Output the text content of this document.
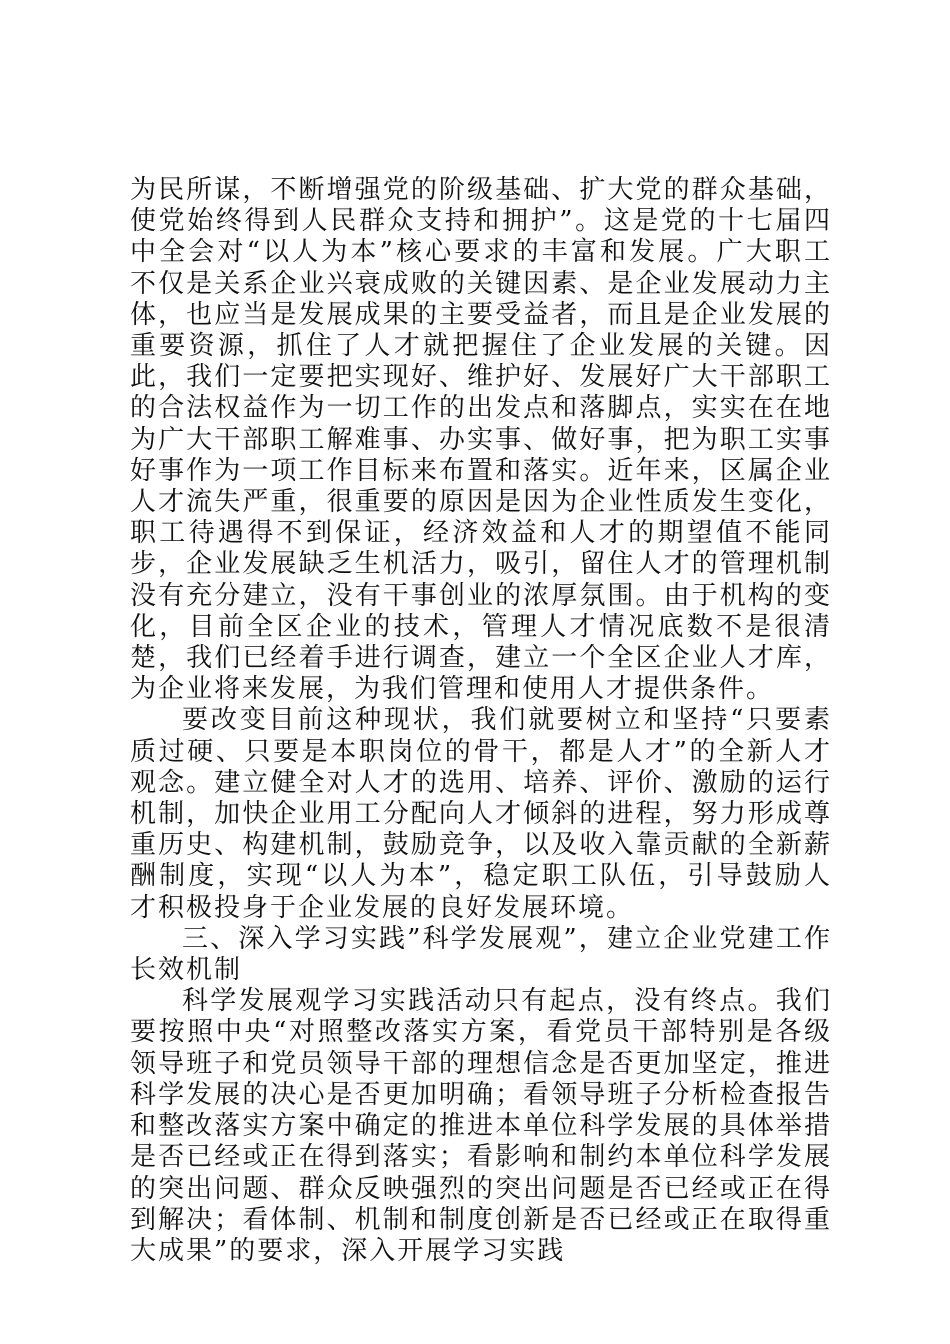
为民所谋，不断增强党的阶级基础、扩大党的群众基础，使党始终得到人民群众支持和拥护”。这是党的十七届四中全会对“以人为本”核心要求的丰富和发展。广大职工不仅是关系企业兴衰成败的关键因素、是企业发展动力主体，也应当是发展成果的主要受益者，而且是企业发展的重要资源，抓住了人才就把握住了企业发展的关键。因此，我们一定要把实现好、维护好、发展好广大干部职工的合法权益作为一切工作的出发点和落脚点，实实在在地为广大干部职工解难事、办实事、做好事，把为职工实事好事作为一项工作目标来布置和落实。近年来，区属企业人才流失严重，很重要的原因是因为企业性质发生变化，职工待遇得不到保证，经济效益和人才的期望值不能同步，企业发展缺乏生机活力，吸引，留住人才的管理机制没有充分建立，没有干事创业的浓厚氛围。由于机构的变化，目前全区企业的技术，管理人才情况底数不是很清楚，我们已经着手进行调查，建立一个全区企业人才库，为企业将来发展，为我们管理和使用人才提供条件。

要改变目前这种现状，我们就要树立和坚持“只要素质过硬、只要是本职岗位的骨干，都是人才”的全新人才观念。建立健全对人才的选用、培养、评价、激励的运行机制，加快企业用工分配向人才倾斜的进程，努力形成尊重历史、构建机制，鼓励竞争，以及收入靠贡献的全新薪酬制度，实现“以人为本”，稳定职工队伍，引导鼓励人才积极投身于企业发展的良好发展环境。

三、深入学习实践”科学发展观”，建立企业党建工作长效机制

科学发展观学习实践活动只有起点，没有终点。我们要按照中央“对照整改落实方案，看党员干部特别是各级领导班子和党员领导干部的理想信念是否更加坚定，推进科学发展的决心是否更加明确；看领导班子分析检查报告和整改落实方案中确定的推进本单位科学发展的具体举措是否已经或正在得到落实；看影响和制约本单位科学发展的突出问题、群众反映强烈的突出问题是否已经或正在得到解决；看体制、机制和制度创新是否已经或正在取得重大成果”的要求，深入开展学习实践
